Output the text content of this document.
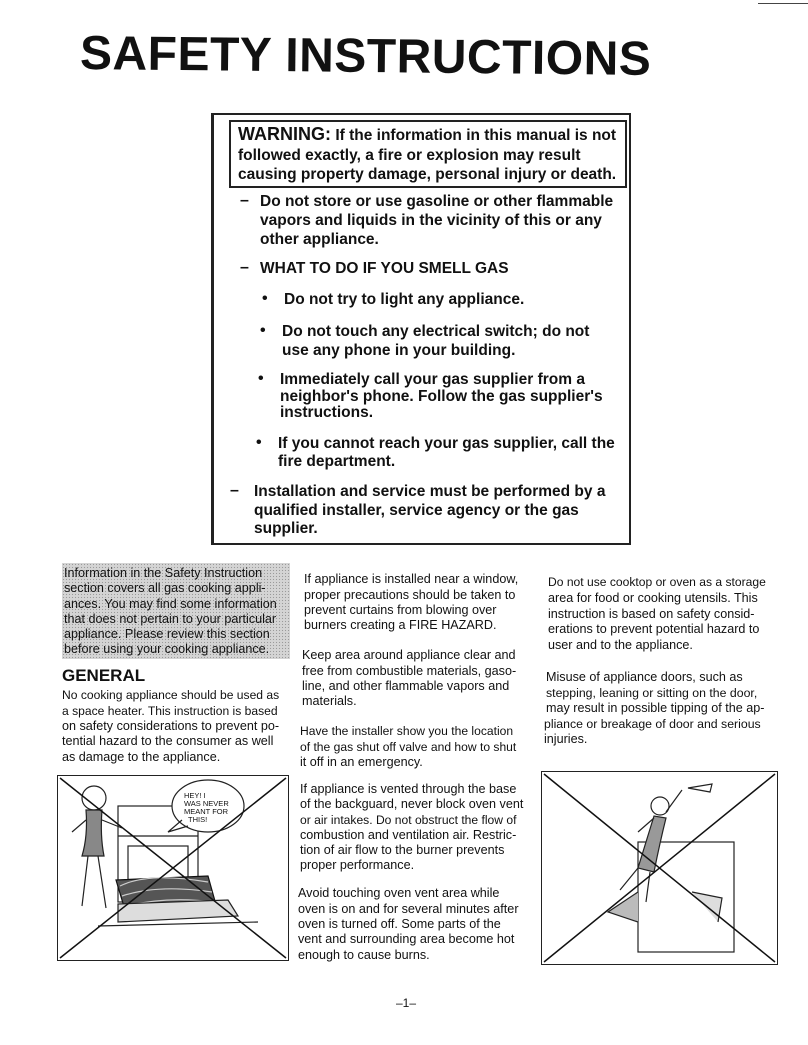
SAFETY INSTRUCTIONS
WARNING: If the information in this manual is not
followed exactly, a fire or explosion may result
causing property damage, personal injury or death.
– Do not store or use gasoline or other flammable
vapors and liquids in the vicinity of this or any
other appliance.
– WHAT TO DO IF YOU SMELL GAS
• Do not try to light any appliance.
• Do not touch any electrical switch; do not
use any phone in your building.
• Immediately call your gas supplier from a
neighbor's phone. Follow the gas supplier's
instructions.
• If you cannot reach your gas supplier, call the
fire department.
– Installation and service must be performed by a
qualified installer, service agency or the gas
supplier.
Information in the Safety Instruction
section covers all gas cooking appli-
ances. You may find some information
that does not pertain to your particular
appliance. Please review this section
before using your cooking appliance.
GENERAL
No cooking appliance should be used as
a space heater. This instruction is based
on safety considerations to prevent po-
tential hazard to the consumer as well
as damage to the appliance.
HEY! I
WAS NEVER
MEANT FOR
THIS!
If appliance is installed near a window,
proper precautions should be taken to
prevent curtains from blowing over
burners creating a FIRE HAZARD.
Keep area around appliance clear and
free from combustible materials, gaso-
line, and other flammable vapors and
materials.
Have the installer show you the location
of the gas shut off valve and how to shut
it off in an emergency.
If appliance is vented through the base
of the backguard, never block oven vent
or air intakes. Do not obstruct the flow of
combustion and ventilation air. Restric-
tion of air flow to the burner prevents
proper performance.
Avoid touching oven vent area while
oven is on and for several minutes after
oven is turned off. Some parts of the
vent and surrounding area become hot
enough to cause burns.
Do not use cooktop or oven as a storage
area for food or cooking utensils. This
instruction is based on safety consid-
erations to prevent potential hazard to
user and to the appliance.
Misuse of appliance doors, such as
stepping, leaning or sitting on the door,
may result in possible tipping of the ap-
pliance or breakage of door and serious
injuries.
–1–
